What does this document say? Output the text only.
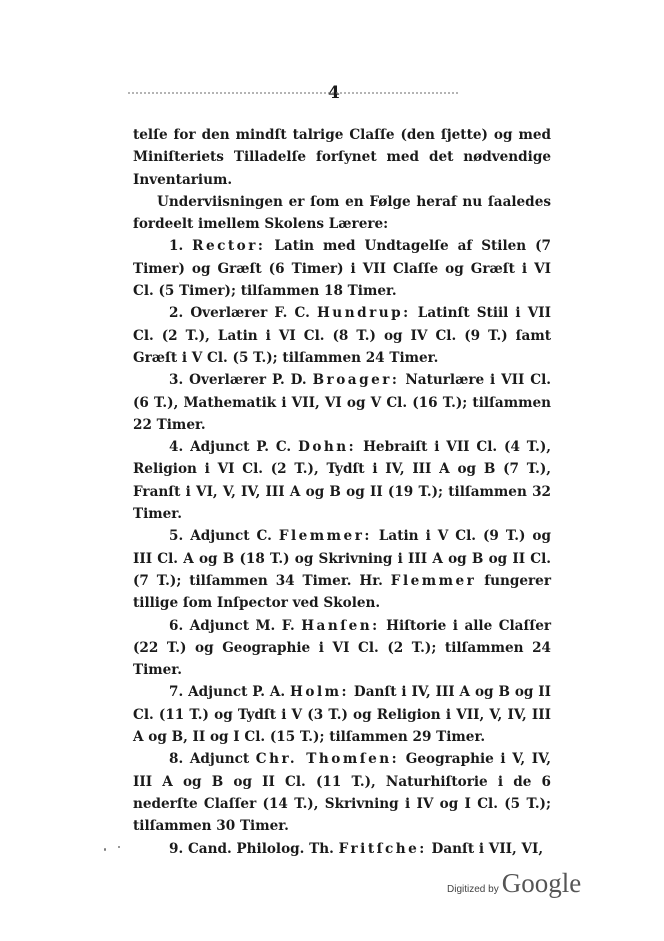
4

telſe for den mindſt talrige Claſſe (den ſjette) og med Miniſteriets Tilladelſe forſynet med det nødvendige Inventarium.

Underviisningen er ſom en Følge heraf nu ſaaledes fordeelt imellem Skolens Lærere:

1. Rector: Latin med Undtagelſe af Stilen (7 Timer) og Græſt (6 Timer) i VII Claſſe og Græſt i VI Cl. (5 Timer); tilſammen 18 Timer.

2. Overlærer F. C. Hundrup: Latinſt Stiil i VII Cl. (2 T.), Latin i VI Cl. (8 T.) og IV Cl. (9 T.) ſamt Græſt i V Cl. (5 T.); tilſammen 24 Timer.

3. Overlærer P. D. Broager: Naturlære i VII Cl. (6 T.), Mathematik i VII, VI og V Cl. (16 T.); tilſammen 22 Timer.

4. Adjunct P. C. Dohn: Hebraiſt i VII Cl. (4 T.), Religion i VI Cl. (2 T.), Tydſt i IV, III A og B (7 T.), Franſt i VI, V, IV, III A og B og II (19 T.); tilſammen 32 Timer.

5. Adjunct C. Flemmer: Latin i V Cl. (9 T.) og III Cl. A og B (18 T.) og Skrivning i III A og B og II Cl. (7 T.); tilſammen 34 Timer. Hr. Flemmer fungerer tillige ſom Inſpector ved Skolen.

6. Adjunct M. F. Hanſen: Hiſtorie i alle Claſſer (22 T.) og Geographie i VI Cl. (2 T.); tilſammen 24 Timer.

7. Adjunct P. A. Holm: Danſt i IV, III A og B og II Cl. (11 T.) og Tydſt i V (3 T.) og Religion i VII, V, IV, III A og B, II og I Cl. (15 T.); tilſammen 29 Timer.

8. Adjunct Chr. Thomſen: Geographie i V, IV, III A og B og II Cl. (11 T.), Naturhiſtorie i de 6 nederſte Claſſer (14 T.), Skrivning i IV og I Cl. (5 T.); tilſammen 30 Timer.

9. Cand. Philolog. Th. Fritſche: Danſt i VII, VI,

Digitized by Google
